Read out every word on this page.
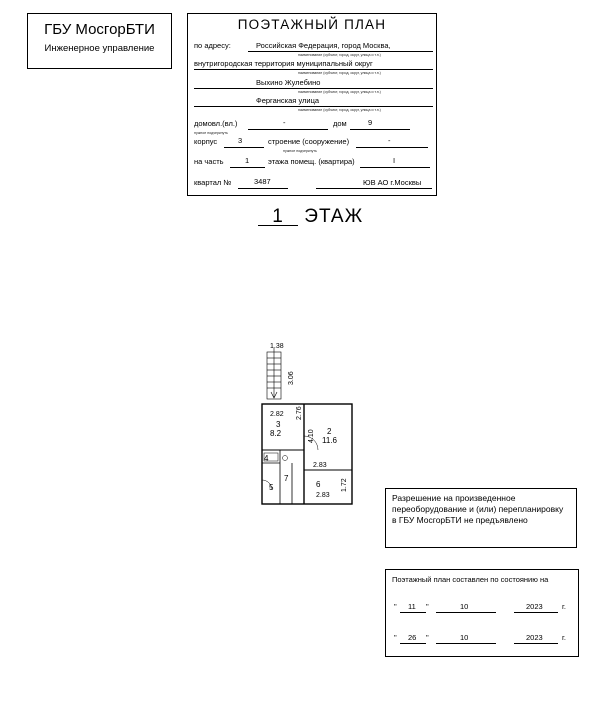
ГБУ МосгорБТИ
Инженерное управление
ПОЭТАЖНЫЙ ПЛАН
по адресу:	Российская Федерация, город Москва,
наименование (субъект, город, округ, улица и т.п.)
внутригородская территория муниципальный округ
наименование (субъект, город, округ, улица и т.п.)
Выхино Жулебино
наименование (субъект, город, округ, улица и т.п.)
Ферганская улица
наименование (субъект, город, округ, улица и т.п.)
домовл.(вл.)	-	дом	9
нужное подчеркнуть
корпус	3	строение (сооружение)	-
нужное подчеркнуть
на часть	1	этажа помещ. (квартира)	I
квартал №	3487	ЮВ АО г.Москвы
1 ЭТАЖ
1.38
3.06
2.82 2.76
4.10
2.83
1.72
2.83
3
8.2	2
11.6
4
5
7
6
Разрешение на произведенное переоборудование и (или) перепланировку в ГБУ МосгорБТИ не предъявлено
Поэтажный план составлен по состоянию на
" 11 "	10	2023	г.
" 26 "	10	2023	г.
